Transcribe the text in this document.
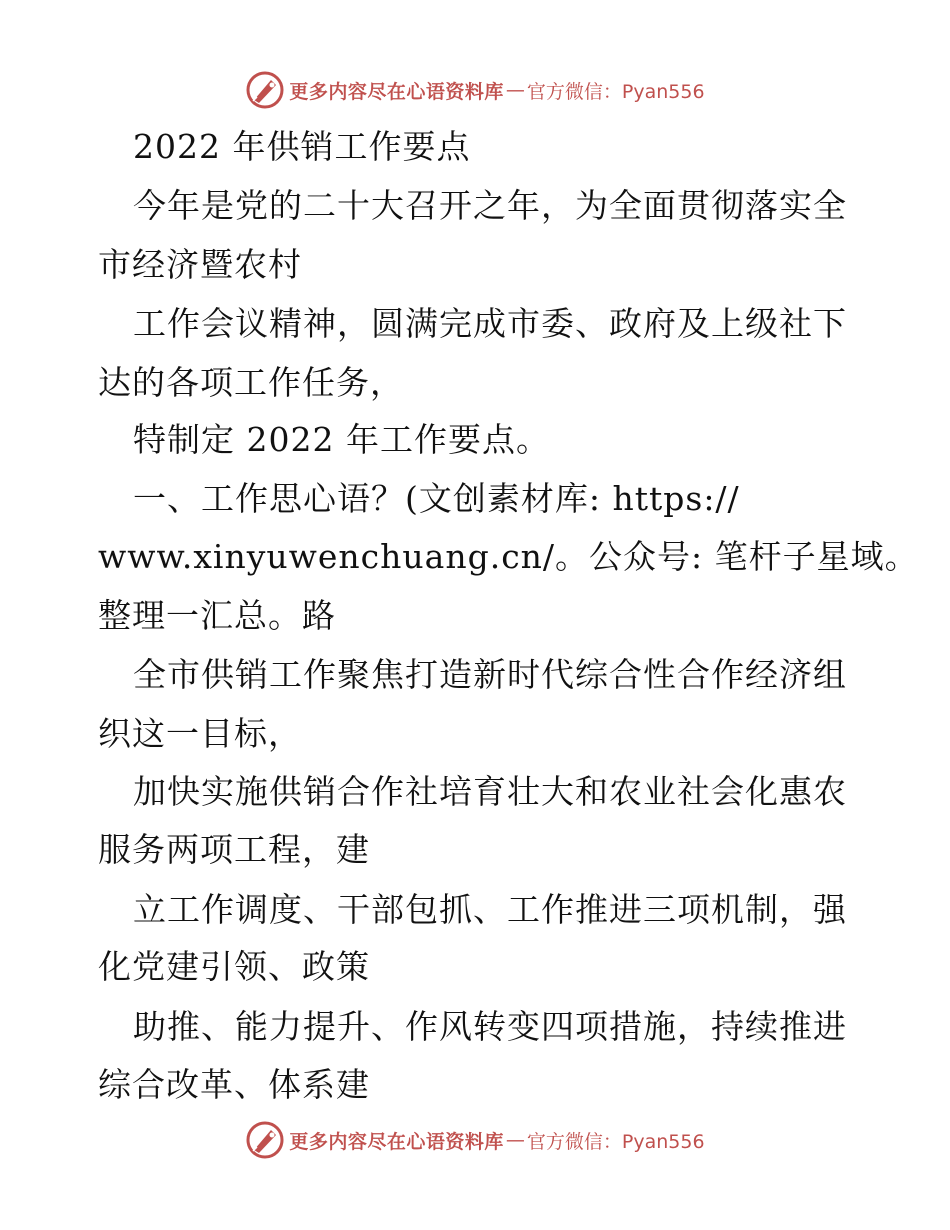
更多内容尽在心语资料库 — 官方微信：Pyan556
2022 年供销工作要点
今年是党的二十大召开之年，为全面贯彻落实全
市经济暨农村
工作会议精神，圆满完成市委、政府及上级社下
达的各项工作任务，
特制定 2022 年工作要点。
一、工作思心语？(文创素材库: https://
www.xinyuwenchuang.cn/。公众号: 笔杆子星域。
整理一汇总。路
全市供销工作聚焦打造新时代综合性合作经济组
织这一目标，
加快实施供销合作社培育壮大和农业社会化惠农
服务两项工程，建
立工作调度、干部包抓、工作推进三项机制，强
化党建引领、政策
助推、能力提升、作风转变四项措施，持续推进
综合改革、体系建
更多内容尽在心语资料库 — 官方微信：Pyan556
